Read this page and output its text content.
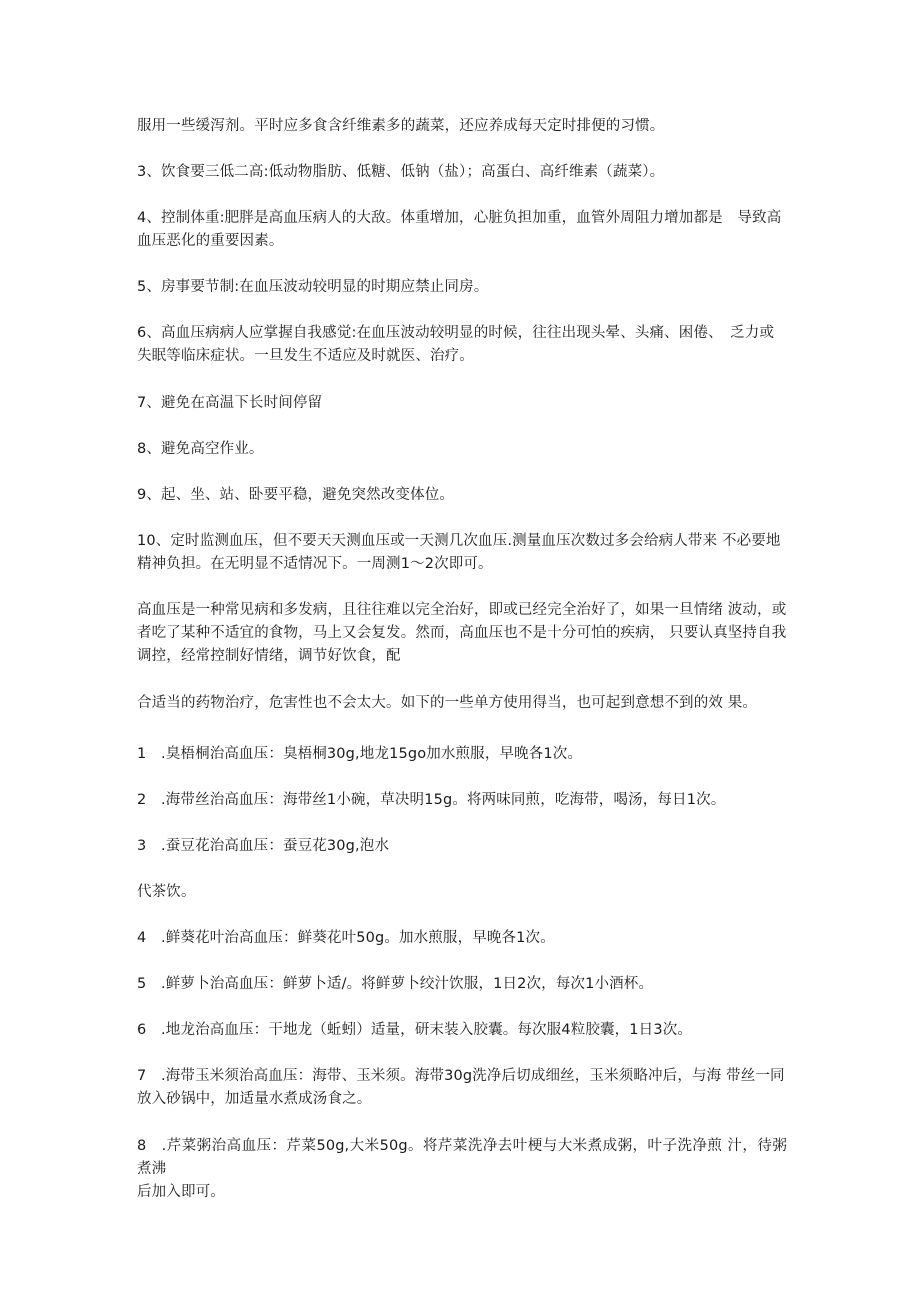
服用一些缓泻剂。平时应多食含纤维素多的蔬菜，还应养成每天定时排便的习惯。

3、饮食要三低二高:低动物脂肪、低糖、低钠（盐）；高蛋白、高纤维素（蔬菜）。

4、控制体重:肥胖是高血压病人的大敌。体重增加，心脏负担加重，血管外周阻力增加都是　导致高
血压恶化的重要因素。

5、房事要节制:在血压波动较明显的时期应禁止同房。

6、高血压病病人应掌握自我感觉:在血压波动较明显的时候，往往出现头晕、头痛、困倦、　乏力或
失眠等临床症状。一旦发生不适应及时就医、治疗。

7、避免在高温下长时间停留

8、避免高空作业。

9、起、坐、站、卧要平稳，避免突然改变体位。

10、定时监测血压，但不要天天测血压或一天测几次血压.测量血压次数过多会给病人带来 不必要地
精神负担。在无明显不适情况下。一周测1～2次即可。

高血压是一种常见病和多发病，且往往难以完全治好，即或已经完全治好了，如果一旦情绪 波动，或
者吃了某种不适宜的食物，马上又会复发。然而，高血压也不是十分可怕的疾病， 只要认真坚持自我
调控，经常控制好情绪，调节好饮食，配

合适当的药物治疗，危害性也不会太大。如下的一些单方使用得当，也可起到意想不到的效 果。

1　.臭梧桐治高血压：臭梧桐30g,地龙15go加水煎服，早晚各1次。

2　.海带丝治高血压：海带丝1小碗，草决明15g。将两味同煎，吃海带，喝汤，每日1次。

3　.蚕豆花治高血压：蚕豆花30g,泡水

代茶饮。

4　.鲜葵花叶治高血压：鲜葵花叶50g。加水煎服，早晚各1次。

5　.鲜萝卜治高血压：鲜萝卜适/。将鲜萝卜绞汁饮服，1日2次，每次1小酒杯。

6　.地龙治高血压：干地龙（蚯蚓）适量，研末装入胶囊。每次服4粒胶囊，1日3次。

7　.海带玉米须治高血压：海带、玉米须。海带30g洗净后切成细丝，玉米须略冲后，与海 带丝一同
放入砂锅中，加适量水煮成汤食之。

8　.芹菜粥治高血压：芹菜50g,大米50g。将芹菜洗净去叶梗与大米煮成粥，叶子洗净煎 汁，待粥煮沸
后加入即可。
